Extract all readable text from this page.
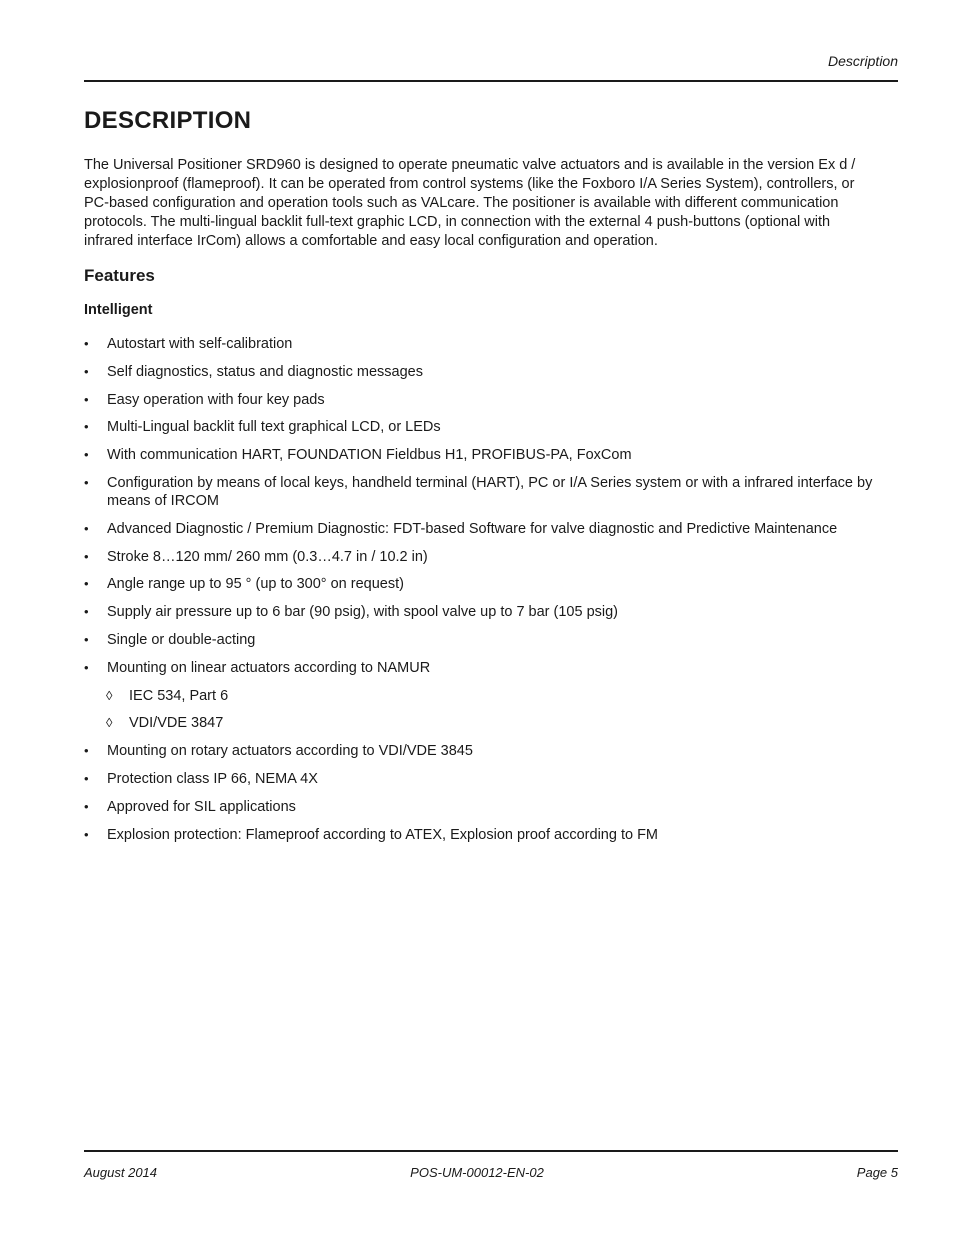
Description
DESCRIPTION

The Universal Positioner SRD960 is designed to operate pneumatic valve actuators and is available in the version Ex d / explosionproof (flameproof). It can be operated from control systems (like the Foxboro I/A Series System), controllers, or PC-based configuration and operation tools such as VALcare. The positioner is available with different communication protocols. The multi-lingual backlit full-text graphic LCD, in connection with the external 4 push-buttons (optional with infrared interface IrCom) allows a comfortable and easy local configuration and operation.

Features
Intelligent
•	Autostart with self-calibration
•	Self diagnostics, status and diagnostic messages
•	Easy operation with four key pads
•	Multi-Lingual backlit full text graphical LCD, or LEDs
•	With communication HART, FOUNDATION Fieldbus H1, PROFIBUS-PA, FoxCom
•	Configuration by means of local keys, handheld terminal (HART), PC or I/A Series system or with a infrared interface by means of IRCOM
•	Advanced Diagnostic / Premium Diagnostic: FDT-based Software for valve diagnostic and Predictive Maintenance
•	Stroke 8…120 mm/ 260 mm (0.3…4.7 in / 10.2 in)
•	Angle range up to 95 ° (up to 300° on request)
•	Supply air pressure up to 6 bar (90 psig), with spool valve up to 7 bar (105 psig)
•	Single or double-acting
•	Mounting on linear actuators according to NAMUR
◊	IEC 534, Part 6
◊	VDI/VDE 3847
•	Mounting on rotary actuators according to VDI/VDE 3845
•	Protection class IP 66, NEMA 4X
•	Approved for SIL applications
•	Explosion protection: Flameproof according to ATEX, Explosion proof according to FM
August 2014	POS-UM-00012-EN-02	Page 5
